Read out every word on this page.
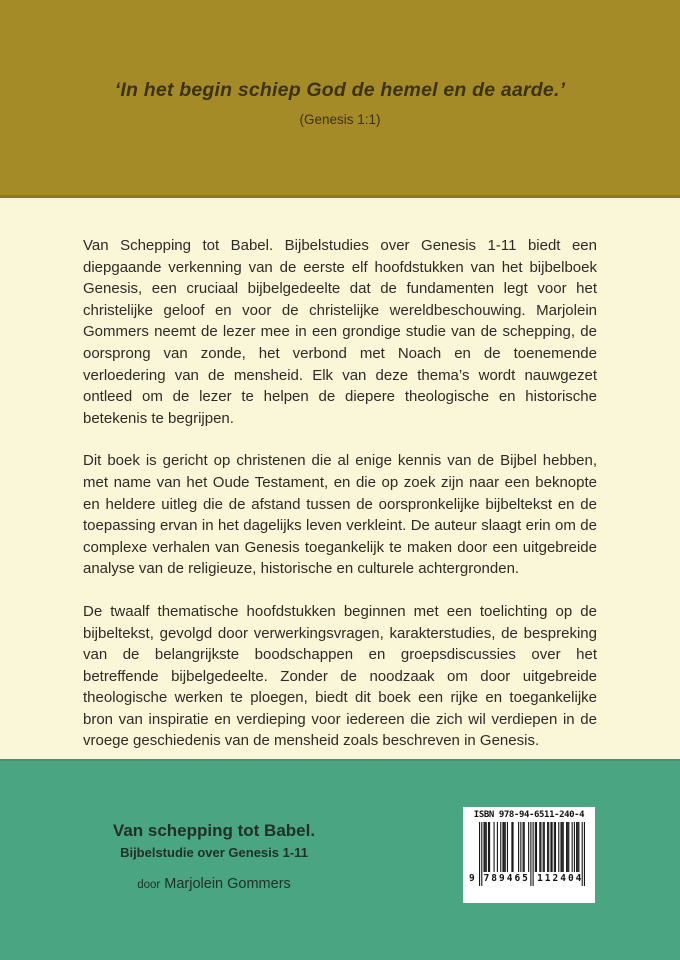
‘In het begin schiep God de hemel en de aarde.’

(Genesis 1:1)

Van Schepping tot Babel. Bijbelstudies over Genesis 1-11 biedt een diepgaande verkenning van de eerste elf hoofdstukken van het bijbelboek Genesis, een cruciaal bijbelgedeelte dat de fundamenten legt voor het christelijke geloof en voor de christelijke wereldbeschouwing. Marjolein Gommers neemt de lezer mee in een grondige studie van de schepping, de oorsprong van zonde, het verbond met Noach en de toenemende verloedering van de mensheid. Elk van deze thema’s wordt nauwgezet ontleed om de lezer te helpen de diepere theologische en historische betekenis te begrijpen.

Dit boek is gericht op christenen die al enige kennis van de Bijbel hebben, met name van het Oude Testament, en die op zoek zijn naar een beknopte en heldere uitleg die de afstand tussen de oorspronkelijke bijbeltekst en de toepassing ervan in het dagelijks leven verkleint. De auteur slaagt erin om de complexe verhalen van Genesis toegankelijk te maken door een uitgebreide analyse van de religieuze, historische en culturele achtergronden.

De twaalf thematische hoofdstukken beginnen met een toelichting op de bijbeltekst, gevolgd door verwerkingsvragen, karakterstudies, de bespreking van de belangrijkste boodschappen en groepsdiscussies over het betreffende bijbelgedeelte. Zonder de noodzaak om door uitgebreide theologische werken te ploegen, biedt dit boek een rijke en toegankelijke bron van inspiratie en verdieping voor iedereen die zich wil verdiepen in de vroege geschiedenis van de mensheid zoals beschreven in Genesis.

Van schepping tot Babel.
Bijbelstudie over Genesis 1-11

door Marjolein Gommers

ISBN 978-94-6511-240-4
9 789465 112404
